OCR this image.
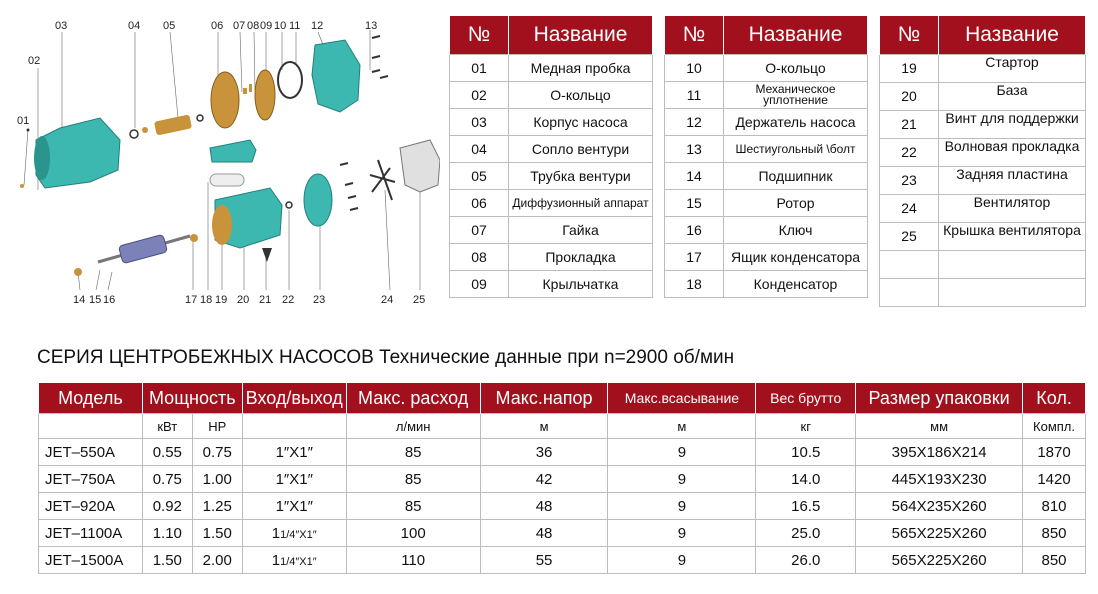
01
02
03	04 05	06 07 08 09 10 11 12	13
14 15 16	17 18 19 20 21 22 23	24 25
№	Название
01	Медная пробка
02	О-кольцо
03	Корпус насоса
04	Сопло вентури
05	Трубка вентури
06	Диффузионный аппарат
07	Гайка
08	Прокладка
09	Крыльчатка
№	Название
10	О-кольцо
11	Механическое уплотнение
12	Держатель насоса
13	Шестиугольный \болт
14	Подшипник
15	Ротор
16	Ключ
17	Ящик конденсатора
18	Конденсатор
№	Название
19	Стартор
20	База
21	Винт для поддержки
22	Волновая прокладка
23	Задняя пластина
24	Вентилятор
25	Крышка вентилятора

СЕРИЯ ЦЕНТРОБЕЖНЫХ НАСОСОВ Технические данные при n=2900 об/мин
Модель	Мощность		Вход/выход	Макс. расход	Макс.напор	Макс.всасывание	Вес брутто	Размер упаковки	Кол.
	кВт	HP		л/мин	м	м	кг	мм	Компл.
JET–550A	0.55	0.75	1″X1″	85	36	9	10.5	395X186X214	1870
JET–750A	0.75	1.00	1″X1″	85	42	9	14.0	445X193X230	1420
JET–920A	0.92	1.25	1″X1″	85	48	9	16.5	564X235X260	810
JET–1100A	1.10	1.50	11/4″X1″	100	48	9	25.0	565X225X260	850
JET–1500A	1.50	2.00	11/4″X1″	110	55	9	26.0	565X225X260	850
